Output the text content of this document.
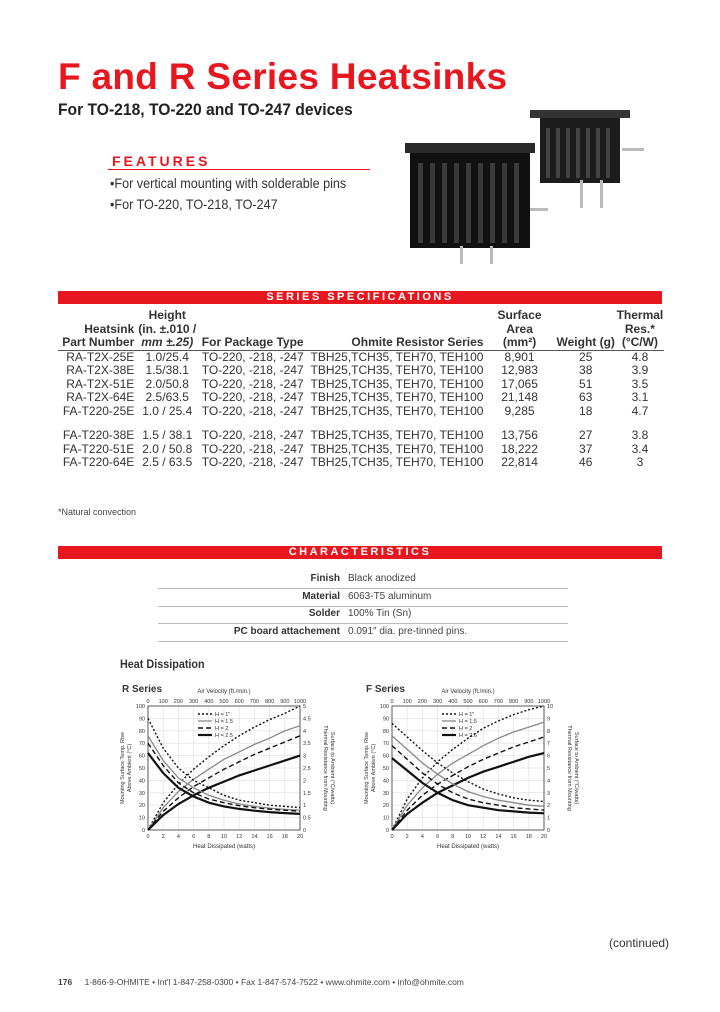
F and R Series Heatsinks
For TO-218, TO-220 and TO-247 devices
FEATURES
•For vertical mounting with solderable pins
•For TO-220, TO-218, TO-247
SERIES SPECIFICATIONS
	Height			Surface		Thermal
Heatsink	(in. ±.010 /			Area		Res.*
Part Number	mm ±.25)	For Package Type	Ohmite Resistor Series	(mm²)	Weight (g)	(°C/W)
RA-T2X-25E	1.0/25.4	TO-220, -218, -247	TBH25,TCH35, TEH70, TEH100	8,901	25	4.8
RA-T2X-38E	1.5/38.1	TO-220, -218, -247	TBH25,TCH35, TEH70, TEH100	12,983	38	3.9
RA-T2X-51E	2.0/50.8	TO-220, -218, -247	TBH25,TCH35, TEH70, TEH100	17,065	51	3.5
RA-T2X-64E	2.5/63.5	TO-220, -218, -247	TBH25,TCH35, TEH70, TEH100	21,148	63	3.1
FA-T220-25E	1.0 / 25.4	TO-220, -218, -247	TBH25,TCH35, TEH70, TEH100	9,285	18	4.7

FA-T220-38E	1.5 / 38.1	TO-220, -218, -247	TBH25,TCH35, TEH70, TEH100	13,756	27	3.8
FA-T220-51E	2.0 / 50.8	TO-220, -218, -247	TBH25,TCH35, TEH70, TEH100	18,222	37	3.4
FA-T220-64E	2.5 / 63.5	TO-220, -218, -247	TBH25,TCH35, TEH70, TEH100	22,814	46	3
*Natural convection
CHARACTERISTICS
Finish Black anodized
Material 6063-T5 aluminum
Solder 100% Tin (Sn)
PC board attachement 0.091" dia. pre-tinned pins.
Heat Dissipation
R Series	Air Velocity (ft./min.)
0 2 4 6 8 10 12 14 16 18 20
0
10
20
30
40
50
60
70
80
90
100
0
0.5
1
1.5
2
2.5
3
3.5
4
4.5
5
0 100 200 300 400 500 600 700 800 900 1000
H = 1"
H = 1.5
H = 2
H = 2.5
Heat Dissipated (watts)
Mounting Surface Temp. Rise Above Ambient (°C)	Thermal Resistance from Mounting Surface to Ambient (°C/watts)
F Series	Air Velocity (ft./min.)
0 2 4 6 8 10 12 14 16 18 20
0
10
20
30
40
50
60
70
80
90
100
0
1
2
3
4
5
6
7
8
9
10
0 100 200 300 400 500 600 700 800 900 1000
H = 1"
H = 1.5
H = 2
H = 2.6
Heat Dissipated (watts)
Mounting Surface Temp. Rise Above Ambient (°C)	Thermal Resistance from Mounting Surface to Ambient (°C/watts)
(continued)
176 1-866-9-OHMITE • Int'l 1-847-258-0300 • Fax 1-847-574-7522 • www.ohmite.com • info@ohmite.com
